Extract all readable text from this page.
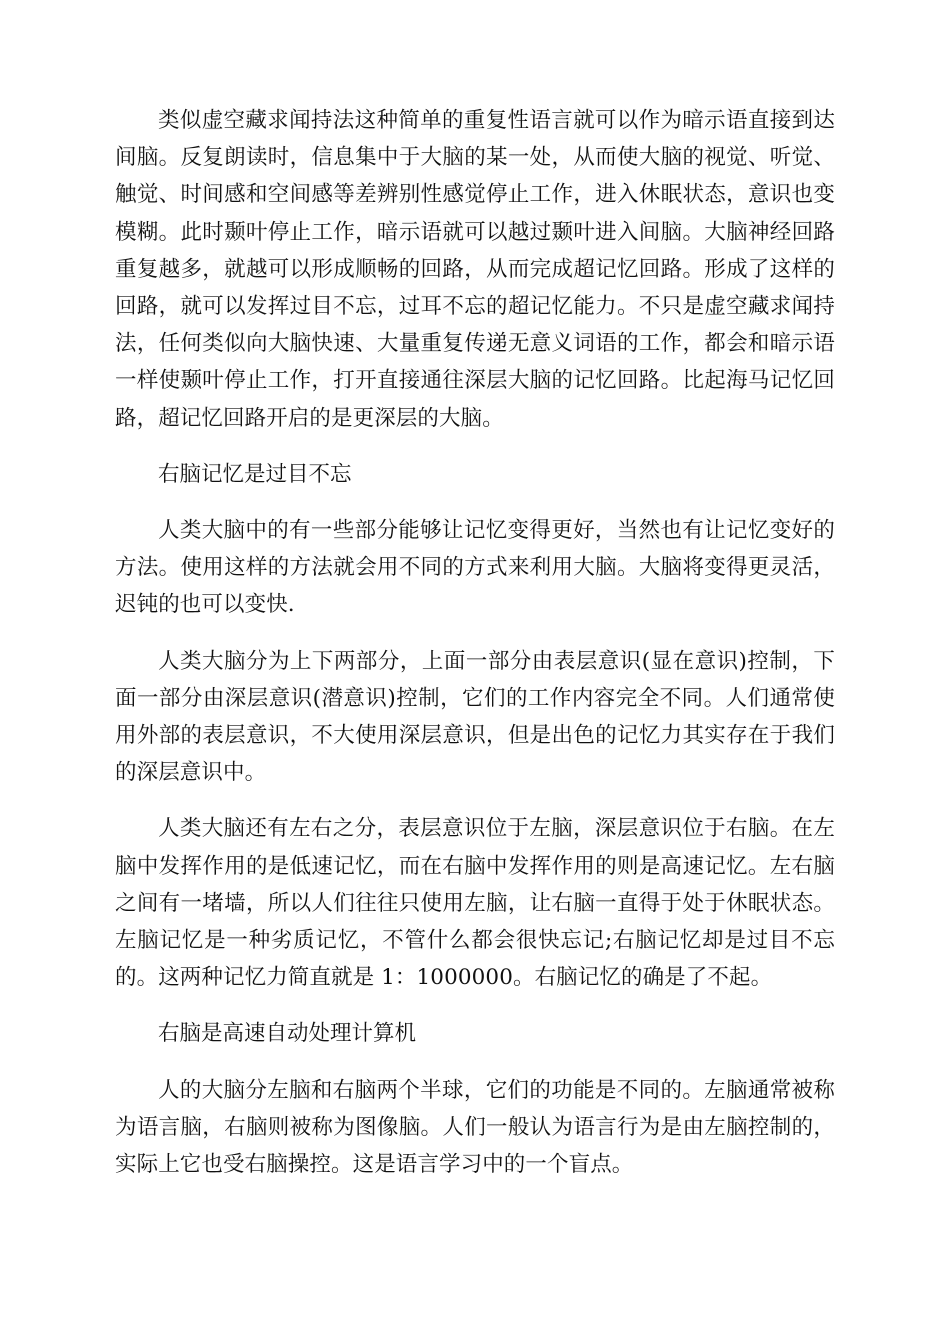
类似虚空藏求闻持法这种简单的重复性语言就可以作为暗示语直接到达间脑。反复朗读时，信息集中于大脑的某一处，从而使大脑的视觉、听觉、触觉、时间感和空间感等差辨别性感觉停止工作，进入休眠状态，意识也变模糊。此时颞叶停止工作，暗示语就可以越过颞叶进入间脑。大脑神经回路重复越多，就越可以形成顺畅的回路，从而完成超记忆回路。形成了这样的回路，就可以发挥过目不忘，过耳不忘的超记忆能力。不只是虚空藏求闻持法，任何类似向大脑快速、大量重复传递无意义词语的工作，都会和暗示语一样使颞叶停止工作，打开直接通往深层大脑的记忆回路。比起海马记忆回路，超记忆回路开启的是更深层的大脑。

右脑记忆是过目不忘

人类大脑中的有一些部分能够让记忆变得更好，当然也有让记忆变好的方法。使用这样的方法就会用不同的方式来利用大脑。大脑将变得更灵活，迟钝的也可以变快.

人类大脑分为上下两部分，上面一部分由表层意识(显在意识)控制，下面一部分由深层意识(潜意识)控制，它们的工作内容完全不同。人们通常使用外部的表层意识，不大使用深层意识，但是出色的记忆力其实存在于我们的深层意识中。

人类大脑还有左右之分，表层意识位于左脑，深层意识位于右脑。在左脑中发挥作用的是低速记忆，而在右脑中发挥作用的则是高速记忆。左右脑之间有一堵墙，所以人们往往只使用左脑，让右脑一直得于处于休眠状态。左脑记忆是一种劣质记忆，不管什么都会很快忘记;右脑记忆却是过目不忘的。这两种记忆力简直就是 1：1000000。右脑记忆的确是了不起。

右脑是高速自动处理计算机

人的大脑分左脑和右脑两个半球，它们的功能是不同的。左脑通常被称为语言脑，右脑则被称为图像脑。人们一般认为语言行为是由左脑控制的，实际上它也受右脑操控。这是语言学习中的一个盲点。
